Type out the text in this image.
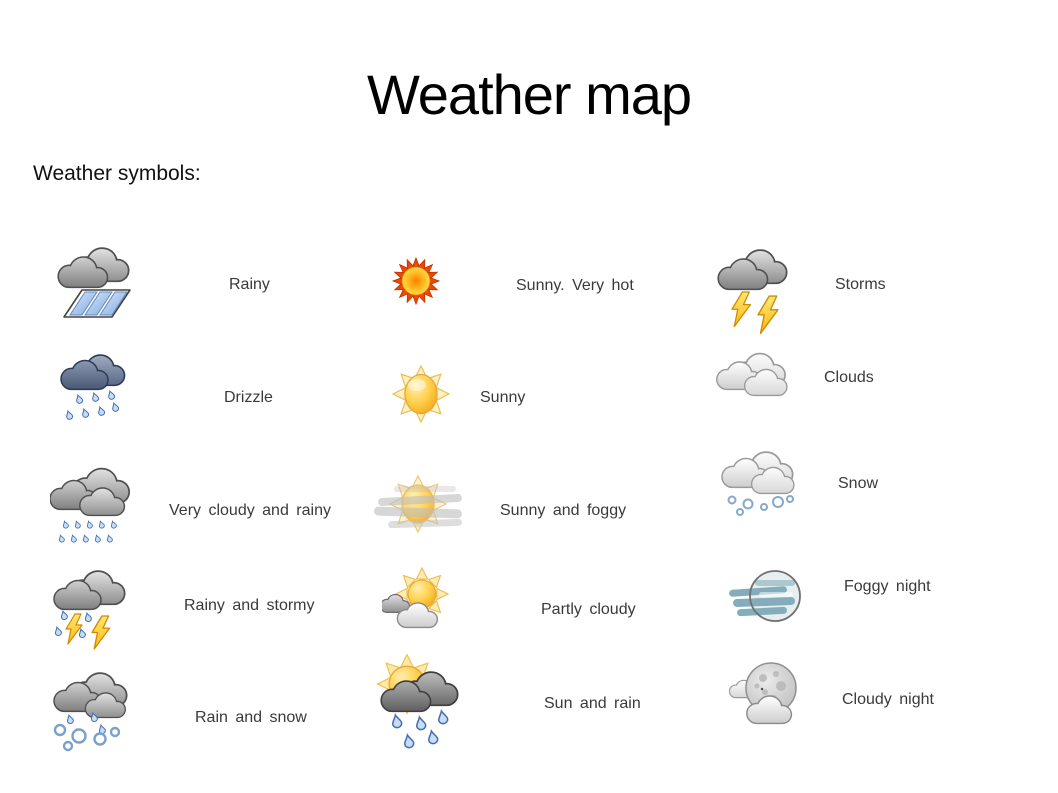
Weather map
Weather symbols:
Rainy
Drizzle
Very cloudy and rainy
Rainy and stormy
Rain and snow
Sunny. Very hot
Sunny
Sunny and foggy
Partly cloudy
Sun and rain
Storms
Clouds
Snow
Foggy night
Cloudy night
